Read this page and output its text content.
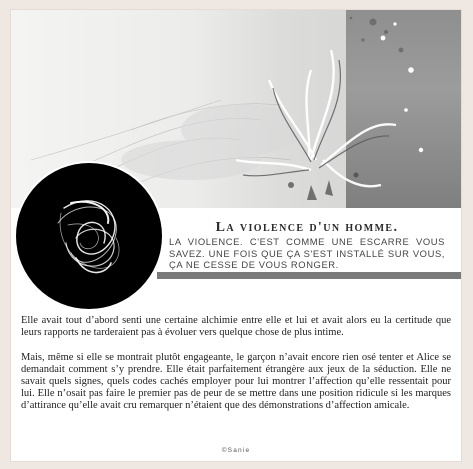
La violence d'un homme.

LA VIOLENCE. C'EST COMME UNE ESCARRE VOUS SAVEZ. UNE FOIS QUE ÇA S'EST INSTALLÉ SUR VOUS, ÇA NE CESSE DE VOUS RONGER.

Elle avait tout d’abord senti une certaine alchimie entre elle et lui et avait alors eu la certitude que leurs rapports ne tarderaient pas à évoluer vers quelque chose de plus intime.

Mais, même si elle se montrait plutôt engageante, le garçon n’avait encore rien osé tenter et Alice se demandait comment s’y prendre. Elle était parfaitement étrangère aux jeux de la séduction. Elle ne savait quels signes, quels codes cachés employer pour lui montrer l’affection qu’elle ressentait pour lui. Elle n’osait pas faire le premier pas de peur de se mettre dans une position ridicule si les marques d’attirance qu’elle avait cru remarquer n’étaient que des démonstrations d’affection amicale.

©Sanie
